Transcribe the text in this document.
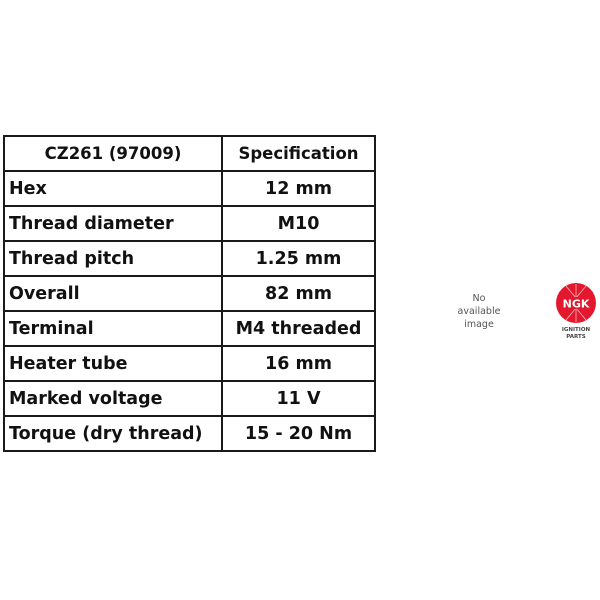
CZ261 (97009)	Specification
Hex	12 mm
Thread diameter	M10
Thread pitch	1.25 mm
Overall	82 mm
Terminal	M4 threaded
Heater tube	16 mm
Marked voltage	11 V
Torque (dry thread)	15 - 20 Nm
No
available
image
NGK
IGNITION
PARTS
